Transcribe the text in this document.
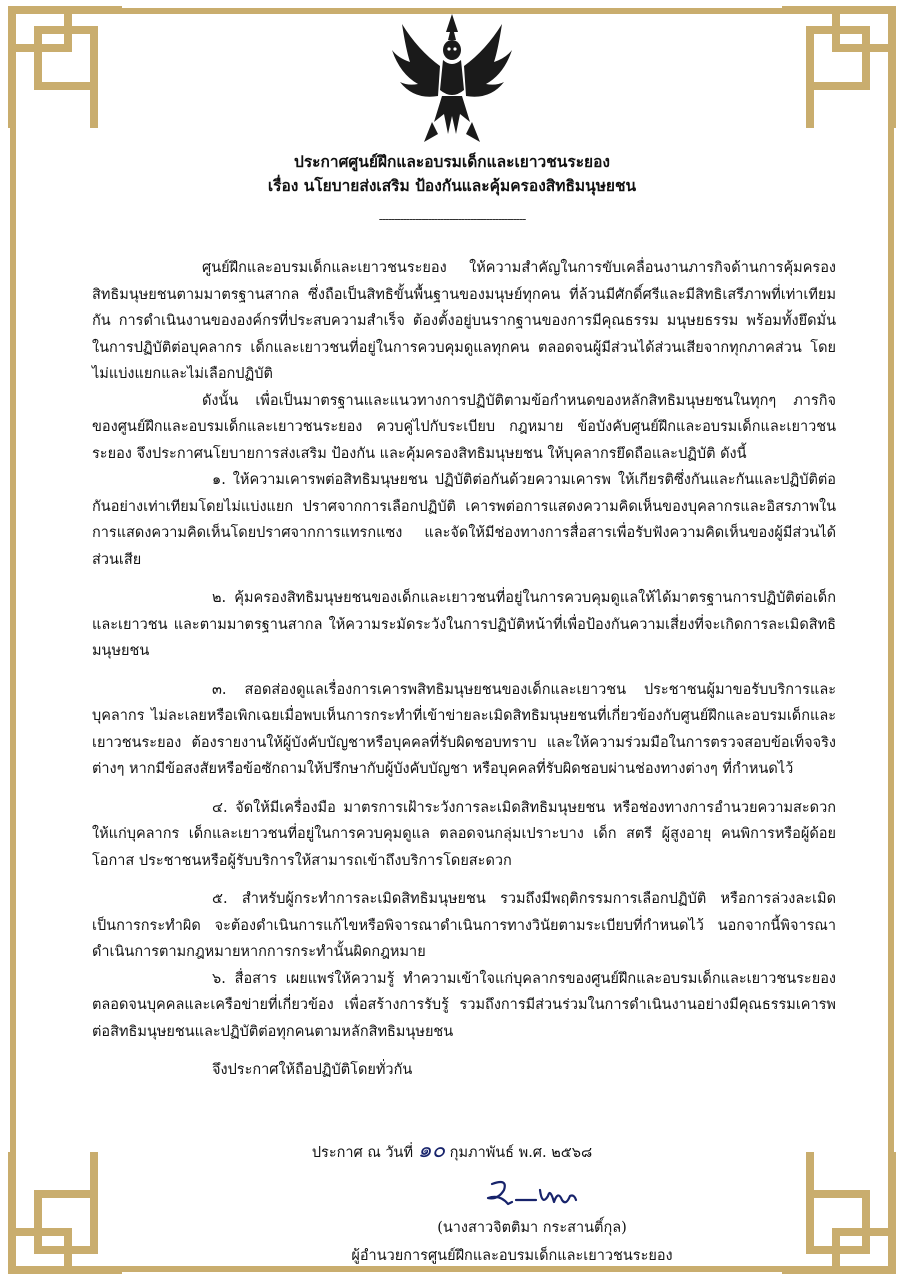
ประกาศศูนย์ฝึกและอบรมเด็กและเยาวชนระยอง
เรื่อง นโยบายส่งเสริม ป้องกันและคุ้มครองสิทธิมนุษยชน
------------------------------------------------

ศูนย์ฝึกและอบรมเด็กและเยาวชนระยอง ให้ความสำคัญในการขับเคลื่อนงานภารกิจด้านการคุ้มครองสิทธิมนุษยชนตามมาตรฐานสากล ซึ่งถือเป็นสิทธิขั้นพื้นฐานของมนุษย์ทุกคน ที่ล้วนมีศักดิ์ศรีและมีสิทธิเสรีภาพที่เท่าเทียมกัน การดำเนินงานขององค์กรที่ประสบความสำเร็จ ต้องตั้งอยู่บนรากฐานของการมีคุณธรรม มนุษยธรรม พร้อมทั้งยึดมั่นในการปฏิบัติต่อบุคลากร เด็กและเยาวชนที่อยู่ในการควบคุมดูแลทุกคน ตลอดจนผู้มีส่วนได้ส่วนเสียจากทุกภาคส่วน โดยไม่แบ่งแยกและไม่เลือกปฏิบัติ

ดังนั้น เพื่อเป็นมาตรฐานและแนวทางการปฏิบัติตามข้อกำหนดของหลักสิทธิมนุษยชนในทุกๆ ภารกิจของศูนย์ฝึกและอบรมเด็กและเยาวชนระยอง ควบคู่ไปกับระเบียบ กฎหมาย ข้อบังคับศูนย์ฝึกและอบรมเด็กและเยาวชนระยอง จึงประกาศนโยบายการส่งเสริม ป้องกัน และคุ้มครองสิทธิมนุษยชน ให้บุคลากรยึดถือและปฏิบัติ ดังนี้

๑. ให้ความเคารพต่อสิทธิมนุษยชน ปฏิบัติต่อกันด้วยความเคารพ ให้เกียรติซึ่งกันและกันและปฏิบัติต่อกันอย่างเท่าเทียมโดยไม่แบ่งแยก ปราศจากการเลือกปฏิบัติ เคารพต่อการแสดงความคิดเห็นของบุคลากรและอิสรภาพในการแสดงความคิดเห็นโดยปราศจากการแทรกแซง และจัดให้มีช่องทางการสื่อสารเพื่อรับฟังความคิดเห็นของผู้มีส่วนได้ส่วนเสีย

๒. คุ้มครองสิทธิมนุษยชนของเด็กและเยาวชนที่อยู่ในการควบคุมดูแลให้ได้มาตรฐานการปฏิบัติต่อเด็กและเยาวชน และตามมาตรฐานสากล ให้ความระมัดระวังในการปฏิบัติหน้าที่เพื่อป้องกันความเสี่ยงที่จะเกิดการละเมิดสิทธิมนุษยชน

๓. สอดส่องดูแลเรื่องการเคารพสิทธิมนุษยชนของเด็กและเยาวชน ประชาชนผู้มาขอรับบริการและบุคลากร ไม่ละเลยหรือเพิกเฉยเมื่อพบเห็นการกระทำที่เข้าข่ายละเมิดสิทธิมนุษยชนที่เกี่ยวข้องกับศูนย์ฝึกและอบรมเด็กและเยาวชนระยอง ต้องรายงานให้ผู้บังคับบัญชาหรือบุคคลที่รับผิดชอบทราบ และให้ความร่วมมือในการตรวจสอบข้อเท็จจริงต่างๆ หากมีข้อสงสัยหรือข้อซักถามให้ปรึกษากับผู้บังคับบัญชา หรือบุคคลที่รับผิดชอบผ่านช่องทางต่างๆ ที่กำหนดไว้

๔. จัดให้มีเครื่องมือ มาตรการเฝ้าระวังการละเมิดสิทธิมนุษยชน หรือช่องทางการอำนวยความสะดวกให้แก่บุคลากร เด็กและเยาวชนที่อยู่ในการควบคุมดูแล ตลอดจนกลุ่มเปราะบาง เด็ก สตรี ผู้สูงอายุ คนพิการหรือผู้ด้อยโอกาส ประชาชนหรือผู้รับบริการให้สามารถเข้าถึงบริการโดยสะดวก

๕. สำหรับผู้กระทำการละเมิดสิทธิมนุษยชน รวมถึงมีพฤติกรรมการเลือกปฏิบัติ หรือการล่วงละเมิดเป็นการกระทำผิด จะต้องดำเนินการแก้ไขหรือพิจารณาดำเนินการทางวินัยตามระเบียบที่กำหนดไว้ นอกจากนี้พิจารณาดำเนินการตามกฎหมายหากการกระทำนั้นผิดกฎหมาย

๖. สื่อสาร เผยแพร่ให้ความรู้ ทำความเข้าใจแก่บุคลากรของศูนย์ฝึกและอบรมเด็กและเยาวชนระยองตลอดจนบุคคลและเครือข่ายที่เกี่ยวข้อง เพื่อสร้างการรับรู้ รวมถึงการมีส่วนร่วมในการดำเนินงานอย่างมีคุณธรรมเคารพต่อสิทธิมนุษยชนและปฏิบัติต่อทุกคนตามหลักสิทธิมนุษยชน

จึงประกาศให้ถือปฏิบัติโดยทั่วกัน

ประกาศ ณ วันที่ ๑๐ กุมภาพันธ์ พ.ศ. ๒๕๖๘
(นางสาวจิตติมา กระสานติ์กุล)
ผู้อำนวยการศูนย์ฝึกและอบรมเด็กและเยาวชนระยอง
